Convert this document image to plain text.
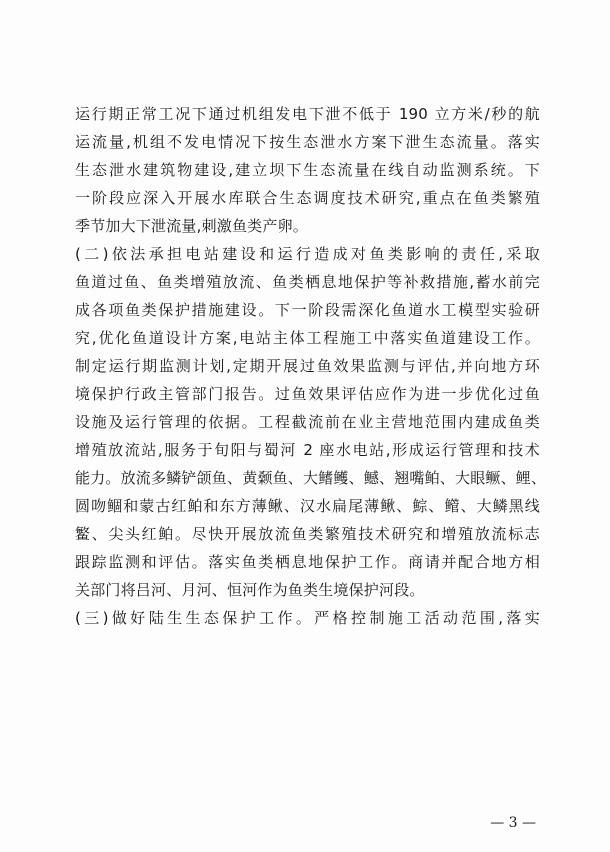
运行期正常工况下通过机组发电下泄不低于 190 立方米/秒的航
运流量,机组不发电情况下按生态泄水方案下泄生态流量。落实
生态泄水建筑物建设,建立坝下生态流量在线自动监测系统。下
一阶段应深入开展水库联合生态调度技术研究,重点在鱼类繁殖
季节加大下泄流量,刺激鱼类产卵。
(二)依法承担电站建设和运行造成对鱼类影响的责任,采取
鱼道过鱼、鱼类增殖放流、鱼类栖息地保护等补救措施,蓄水前完
成各项鱼类保护措施建设。下一阶段需深化鱼道水工模型实验研
究,优化鱼道设计方案,电站主体工程施工中落实鱼道建设工作。
制定运行期监测计划,定期开展过鱼效果监测与评估,并向地方环
境保护行政主管部门报告。过鱼效果评估应作为进一步优化过鱼
设施及运行管理的依据。工程截流前在业主营地范围内建成鱼类
增殖放流站,服务于旬阳与蜀河 2 座水电站,形成运行管理和技术
能力。放流多鳞铲颌鱼、黄颡鱼、大鳍鳠、鳡、翘嘴鲌、大眼鳜、鲤、
圆吻鲴和蒙古红鲌和东方薄鳅、汉水扁尾薄鳅、鯮、鳤、大鳞黑线
鳘、尖头红鲌。尽快开展放流鱼类繁殖技术研究和增殖放流标志
跟踪监测和评估。落实鱼类栖息地保护工作。商请并配合地方相
关部门将吕河、月河、恒河作为鱼类生境保护河段。
(三)做好陆生生态保护工作。严格控制施工活动范围,落实
— 3 —
